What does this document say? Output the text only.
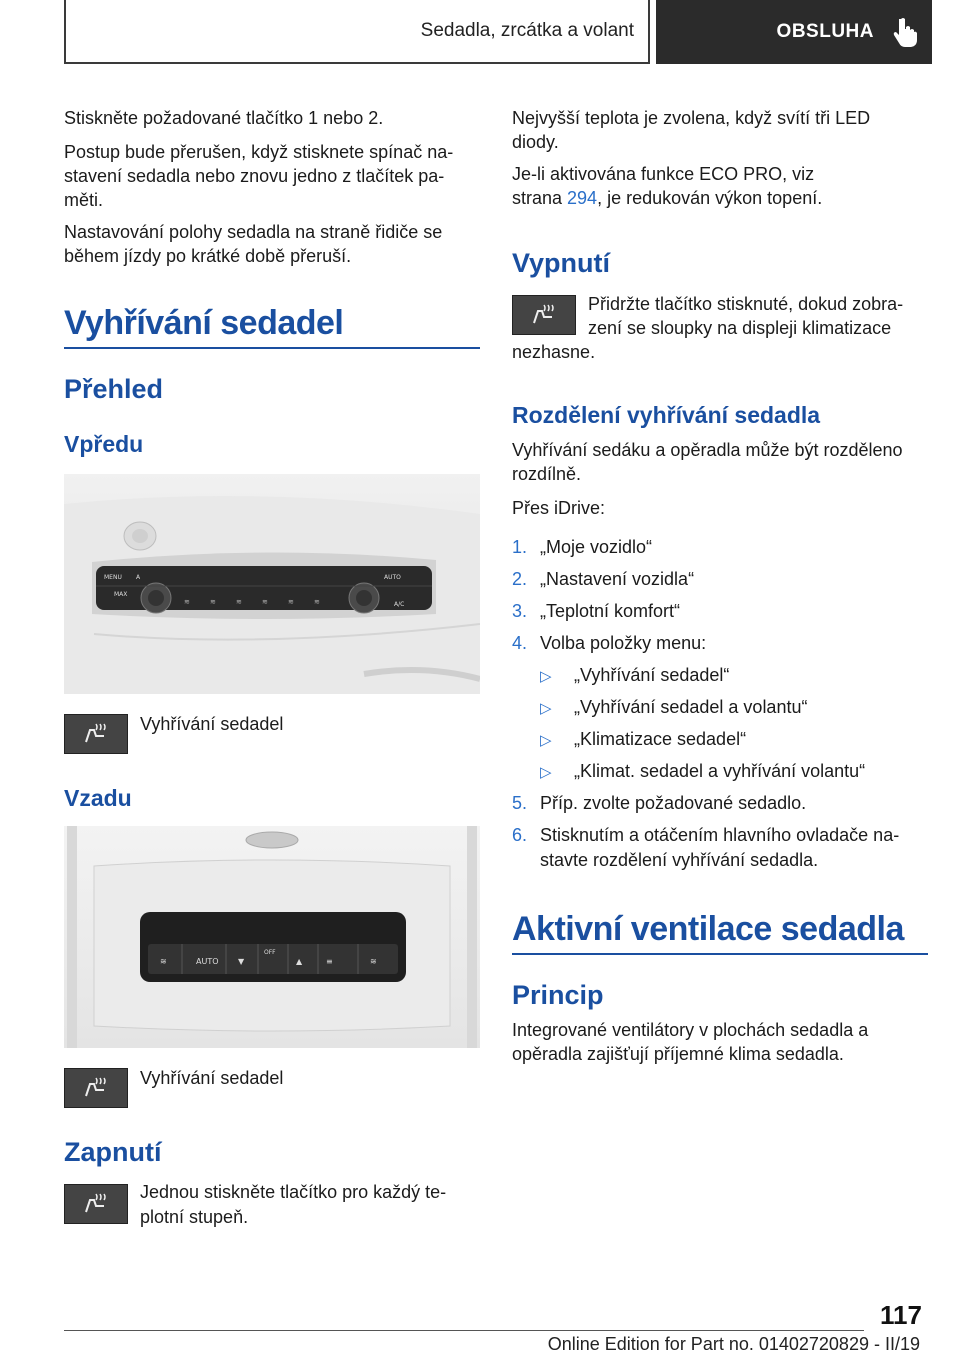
Sedadla, zrcátka a volant	OBSLUHA

Stiskněte požadované tlačítko 1 nebo 2.

Postup bude přerušen, když stisknete spínač na‐

stavení sedadla nebo znovu jedno z tlačítek pa‐

měti.

Nastavování polohy sedadla na straně řidiče se

během jízdy po krátké době přeruší.

Vyhřívání sedadel
Přehled
Vpředu
MENU A
MAX
AUTO
A/C
≋	≋	≋	≋	≋	≋

Vyhřívání sedadel

Vzadu
AUTO
OFF
≋	▼	▲	≡	≋

Vyhřívání sedadel

Zapnutí

Jednou stiskněte tlačítko pro každý te‐

plotní stupeň.

Nejvyšší teplota je zvolena, když svítí tři LED

diody.

Je-li aktivována funkce ECO PRO, viz

strana 294, je redukován výkon topení.

Vypnutí

Přidržte tlačítko stisknuté, dokud zobra‐

zení se sloupky na displeji klimatizace

nezhasne.

Rozdělení vyhřívání sedadla

Vyhřívání sedáku a opěradla může být rozděleno

rozdílně.

Přes iDrive:

1. „Moje vozidlo“
2. „Nastavení vozidla“
3. „Teplotní komfort“
4. Volba položky menu:
▷ „Vyhřívání sedadel“
▷ „Vyhřívání sedadel a volantu“
▷ „Klimatizace sedadel“
▷ „Klimat. sedadel a vyhřívání volantu“
5. Příp. zvolte požadované sedadlo.
6. Stisknutím a otáčením hlavního ovladače na‐
stavte rozdělení vyhřívání sedadla.
Aktivní ventilace sedadla
Princip

Integrované ventilátory v plochách sedadla a

opěradla zajišťují příjemné klima sedadla.

117
Online Edition for Part no. 01402720829 - II/19
